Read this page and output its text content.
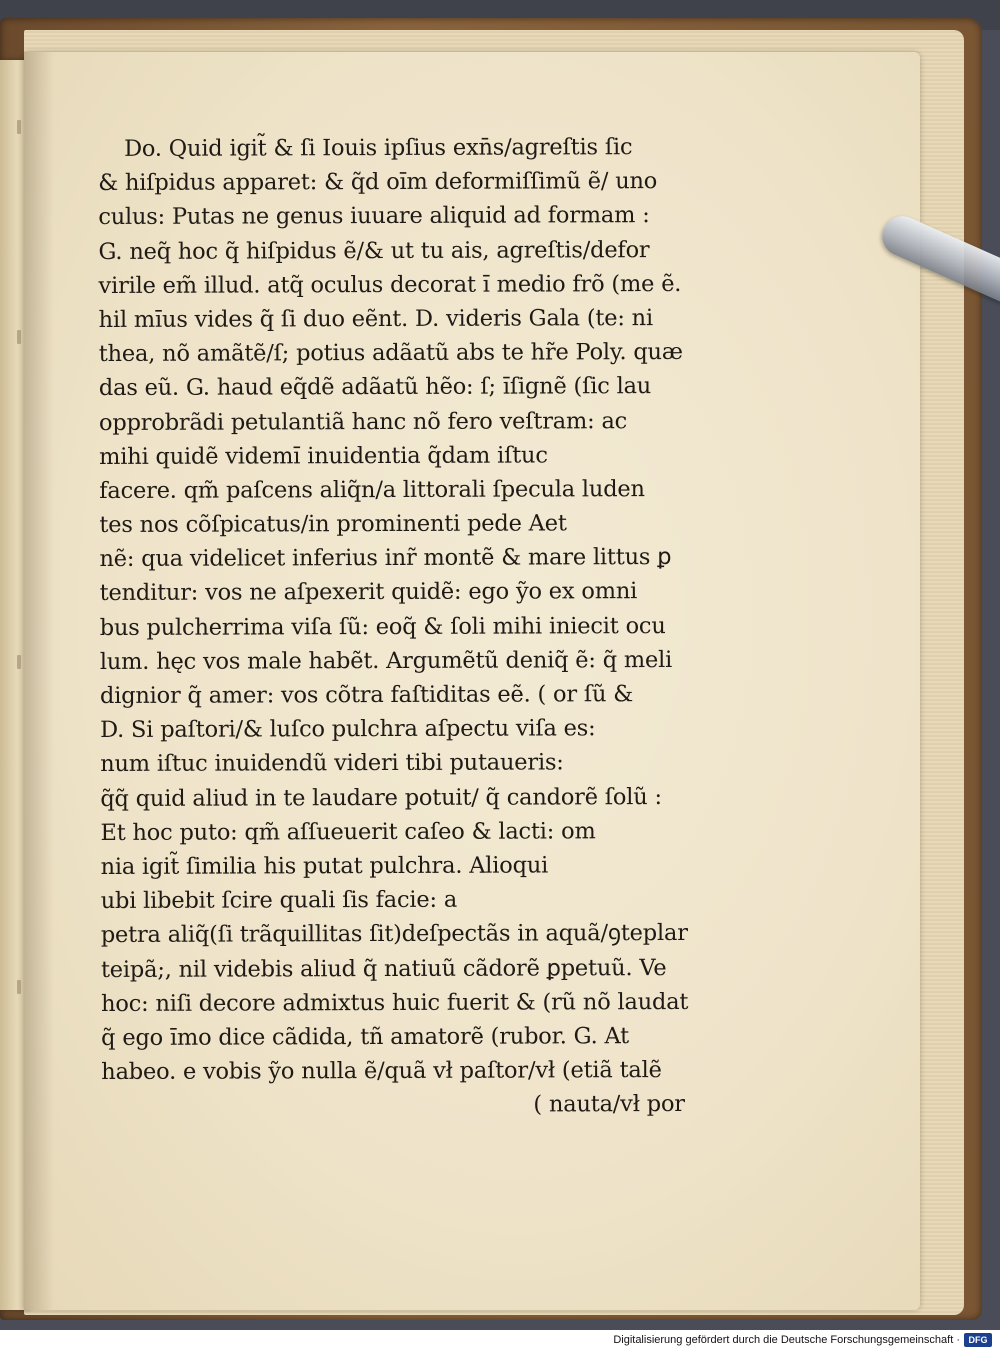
Do. Quid igit̃ & ſi Iouis ipſius exn̄s/agreſtis ſic
& hiſpidus apparet: & q̃d oı̄m deformiſſimũ ẽ/ uno
culus: Putas ne genus iuuare aliquid ad formam :
G. neq̃ hoc q̃ hiſpidus ẽ/& ut tu ais, agreſtis/defor
virile em̃ illud. atq̃ oculus decorat ı̄ medio frõ (me ẽ.
hil mı̄us vides q̃ ſi duo eẽnt. D. videris Gala (te: ni
thea, nõ amãtẽ/ſ; potius adãatũ abs te hr̃e Poly. quæ
das eũ. G. haud eq̃dẽ adãatũ hẽo: ſ; ı̄ſignẽ (ſic lau
opprobrãdi petulantiã hanc nõ fero veſtram: ac
mihi quidẽ videmı̄ inuidentia q̃dam iſtuc
facere. qm̃ paſcens aliq̃n/a littorali ſpecula luden
tes nos cõſpicatus/in prominenti pede Aet
nẽ: qua videlicet inferius inr̃ montẽ & mare littus ꝑ
tenditur: vos ne aſpexerit quidẽ: ego ỹo ex omni
bus pulcherrima viſa ſũ: eoq̃ & ſoli mihi iniecit ocu
lum. hęc vos male habẽt. Argumẽtũ deniq̃ ẽ: q̃ meli
dignior q̃ amer: vos cõtra faſtiditas eẽ. ( or ſũ &
D. Si paſtori/& luſco pulchra aſpectu viſa es:
num iſtuc inuidendũ videri tibi putaueris:
q̃q̃ quid aliud in te laudare potuit/ q̃ candorẽ ſolũ :
Et hoc puto: qm̃ aſſueuerit caſeo & lacti: om
nia igit̃ ſimilia his putat pulchra. Alioqui
ubi libebit ſcire quali ſis facie: a
petra aliq̃(ſi trãquillitas ſit)deſpectãs in aquã/ꝯteplar
teipã;, nil videbis aliud q̃ natiuũ cãdorẽ ꝑpetuũ. Ve
hoc: niſi decore admixtus huic fuerit & (rũ nõ laudat
q̃ ego ı̄mo dice cãdida, tñ amatorẽ (rubor. G. At
habeo. e vobis ỹo nulla ẽ/quã vł paſtor/vł (etiã talẽ
( nauta/vł por
Digitalisierung gefördert durch die Deutsche Forschungsgemeinschaft · DFG
